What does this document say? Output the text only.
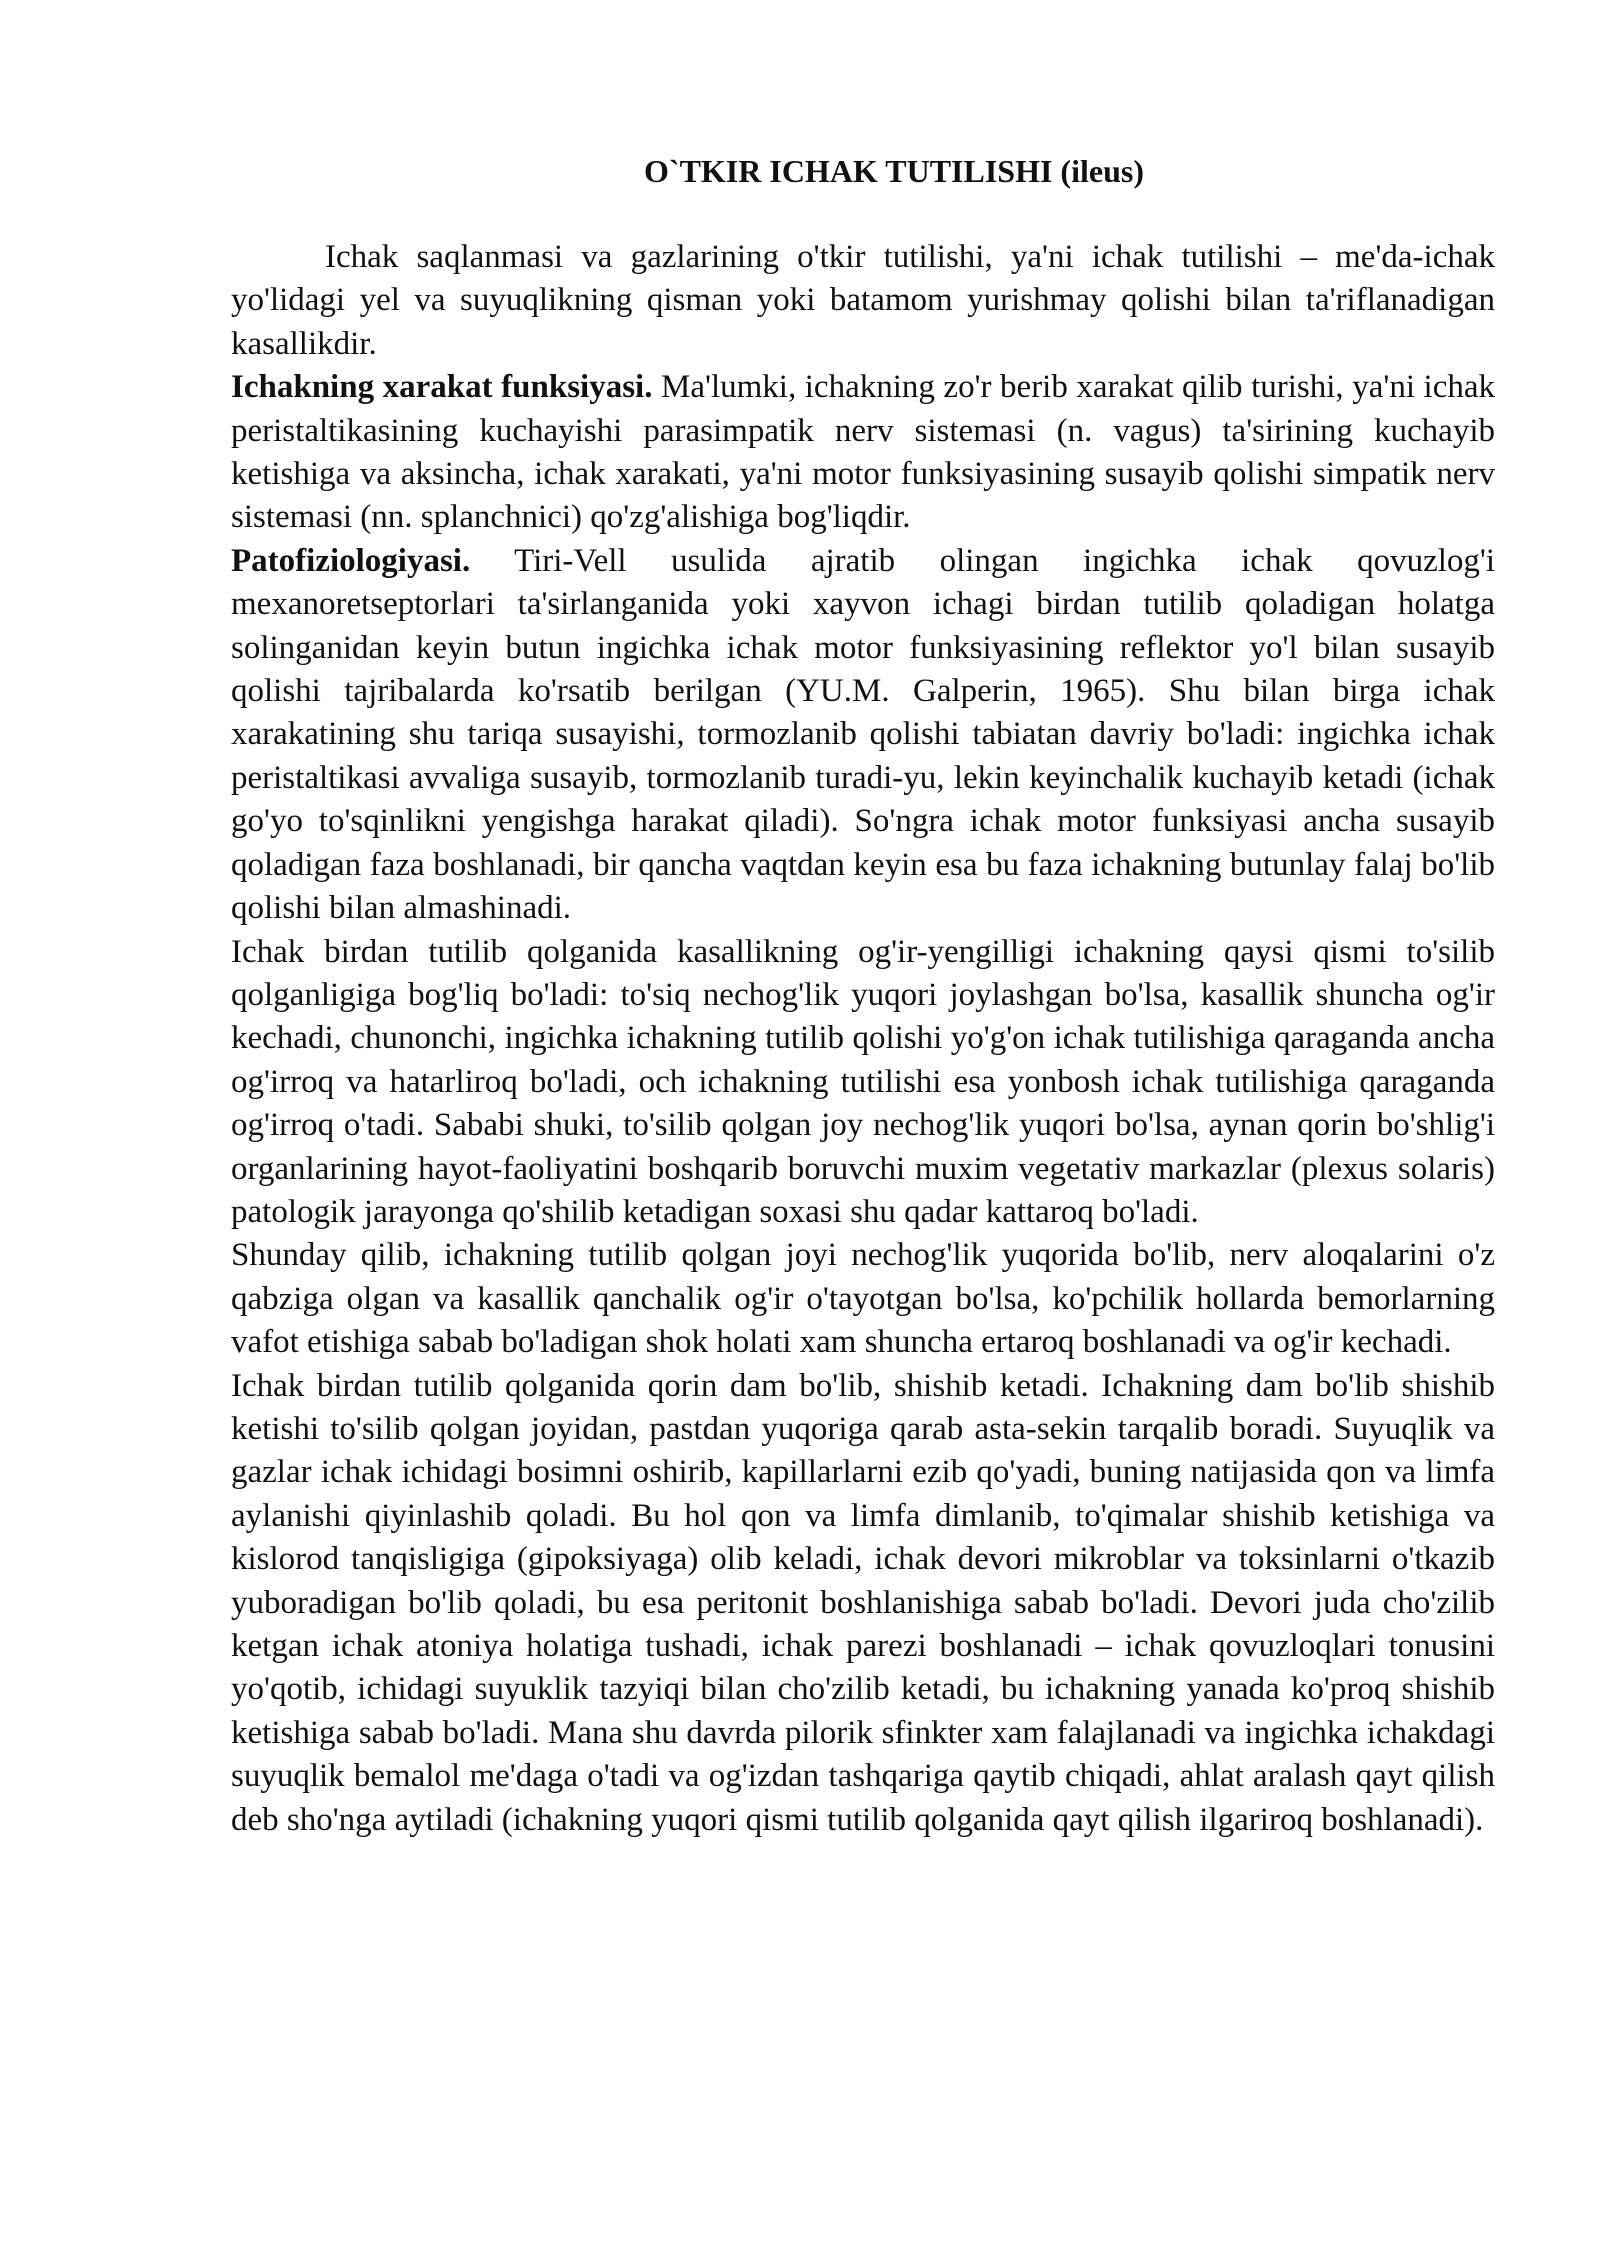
O`TKIR ICHAK TUTILISHI (ileus)

Ichak saqlanmasi va gazlarining o'tkir tutilishi, ya'ni ichak tutilishi – me'da-ichak yo'lidagi yel va suyuqlikning qisman yoki batamom yurishmay qolishi bilan ta'riflanadigan kasallikdir.

Ichakning xarakat funksiyasi. Ma'lumki, ichakning zo'r berib xarakat qilib turishi, ya'ni ichak peristaltikasining kuchayishi parasimpatik nerv sistemasi (n. vagus) ta'sirining kuchayib ketishiga va aksincha, ichak xarakati, ya'ni motor funksiyasining susayib qolishi simpatik nerv sistemasi (nn. splanchnici) qo'zg'alishiga bog'liqdir.

Patofiziologiyasi. Tiri-Vell usulida ajratib olingan ingichka ichak qovuzlog'i mexanoretseptorlari ta'sirlanganida yoki xayvon ichagi birdan tutilib qoladigan holatga solinganidan keyin butun ingichka ichak motor funksiyasining reflektor yo'l bilan susayib qolishi tajribalarda ko'rsatib berilgan (YU.M. Galperin, 1965). Shu bilan birga ichak xarakatining shu tariqa susayishi, tormozlanib qolishi tabiatan davriy bo'ladi: ingichka ichak peristaltikasi avvaliga susayib, tormozlanib turadi-yu, lekin keyinchalik kuchayib ketadi (ichak go'yo to'sqinlikni yengishga harakat qiladi). So'ngra ichak motor funksiyasi ancha susayib qoladigan faza boshlanadi, bir qancha vaqtdan keyin esa bu faza ichakning butunlay falaj bo'lib qolishi bilan almashinadi.

Ichak birdan tutilib qolganida kasallikning og'ir-yengilligi ichakning qaysi qismi to'silib qolganligiga bog'liq bo'ladi: to'siq nechog'lik yuqori joylashgan bo'lsa, kasallik shuncha og'ir kechadi, chunonchi, ingichka ichakning tutilib qolishi yo'g'on ichak tutilishiga qaraganda ancha og'irroq va hatarliroq bo'ladi, och ichakning tutilishi esa yonbosh ichak tutilishiga qaraganda og'irroq o'tadi. Sababi shuki, to'silib qolgan joy nechog'lik yuqori bo'lsa, aynan qorin bo'shlig'i organlarining hayot-faoliyatini boshqarib boruvchi muxim vegetativ markazlar (plexus solaris) patologik jarayonga qo'shilib ketadigan soxasi shu qadar kattaroq bo'ladi.

Shunday qilib, ichakning tutilib qolgan joyi nechog'lik yuqorida bo'lib, nerv aloqalarini o'z qabziga olgan va kasallik qanchalik og'ir o'tayotgan bo'lsa, ko'pchilik hollarda bemorlarning vafot etishiga sabab bo'ladigan shok holati xam shuncha ertaroq boshlanadi va og'ir kechadi.

Ichak birdan tutilib qolganida qorin dam bo'lib, shishib ketadi. Ichakning dam bo'lib shishib ketishi to'silib qolgan joyidan, pastdan yuqoriga qarab asta-sekin tarqalib boradi. Suyuqlik va gazlar ichak ichidagi bosimni oshirib, kapillarlarni ezib qo'yadi, buning natijasida qon va limfa aylanishi qiyinlashib qoladi. Bu hol qon va limfa dimlanib, to'qimalar shishib ketishiga va kislorod tanqisligiga (gipoksiyaga) olib keladi, ichak devori mikroblar va toksinlarni o'tkazib yuboradigan bo'lib qoladi, bu esa peritonit boshlanishiga sabab bo'ladi. Devori juda cho'zilib ketgan ichak atoniya holatiga tushadi, ichak parezi boshlanadi – ichak qovuzloqlari tonusini yo'qotib, ichidagi suyuklik tazyiqi bilan cho'zilib ketadi, bu ichakning yanada ko'proq shishib ketishiga sabab bo'ladi. Mana shu davrda pilorik sfinkter xam falajlanadi va ingichka ichakdagi suyuqlik bemalol me'daga o'tadi va og'izdan tashqariga qaytib chiqadi, ahlat aralash qayt qilish deb sho'nga aytiladi (ichakning yuqori qismi tutilib qolganida qayt qilish ilgariroq boshlanadi).
